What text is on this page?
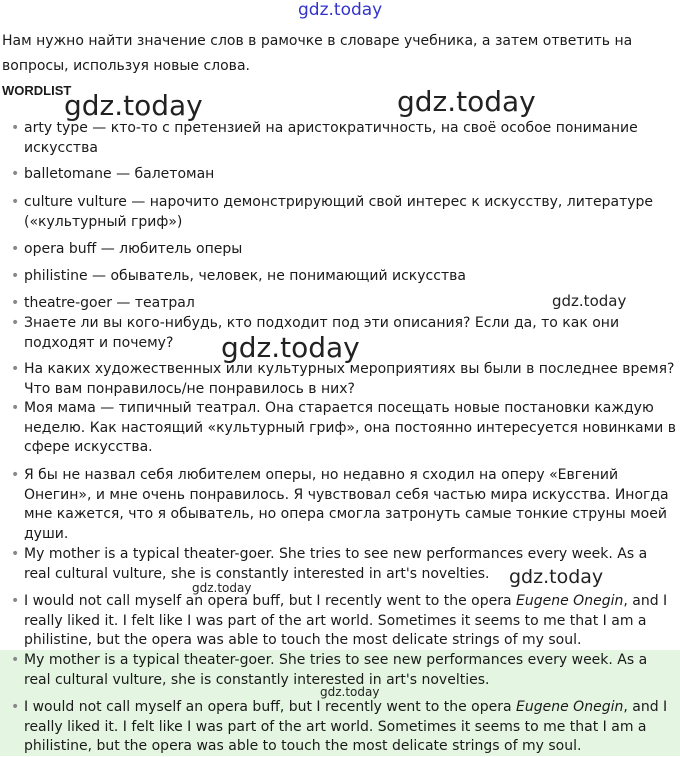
gdz.today
Нам нужно найти значение слов в рамочке в словаре учебника, а затем ответить на вопросы, используя новые слова.
WORDLIST
• arty type — кто-то с претензией на аристократичность, на своё особое понимание искусства
• balletomane — балетоман
• culture vulture — нарочито демонстрирующий свой интерес к искусству, литературе («культурный гриф»)
• opera buff — любитель оперы
• philistine — обыватель, человек, не понимающий искусства
• theatre-goer — театрал
• Знаете ли вы кого-нибудь, кто подходит под эти описания? Если да, то как они подходят и почему?
• На каких художественных или культурных мероприятиях вы были в последнее время? Что вам понравилось/не понравилось в них?
• Моя мама — типичный театрал. Она старается посещать новые постановки каждую неделю. Как настоящий «культурный гриф», она постоянно интересуется новинками в сфере искусства.
• Я бы не назвал себя любителем оперы, но недавно я сходил на оперу «Евгений Онегин», и мне очень понравилось. Я чувствовал себя частью мира искусства. Иногда мне кажется, что я обыватель, но опера смогла затронуть самые тонкие струны моей души.
• My mother is a typical theater-goer. She tries to see new performances every week. As a real cultural vulture, she is constantly interested in art's novelties.
• I would not call myself an opera buff, but I recently went to the opera Eugene Onegin, and I really liked it. I felt like I was part of the art world. Sometimes it seems to me that I am a philistine, but the opera was able to touch the most delicate strings of my soul.
• My mother is a typical theater-goer. She tries to see new performances every week. As a real cultural vulture, she is constantly interested in art's novelties.
• I would not call myself an opera buff, but I recently went to the opera Eugene Onegin, and I really liked it. I felt like I was part of the art world. Sometimes it seems to me that I am a philistine, but the opera was able to touch the most delicate strings of my soul.
gdz.today	gdz.today
gdz.today
gdz.today
gdz.today
gdz.today
gdz.today
